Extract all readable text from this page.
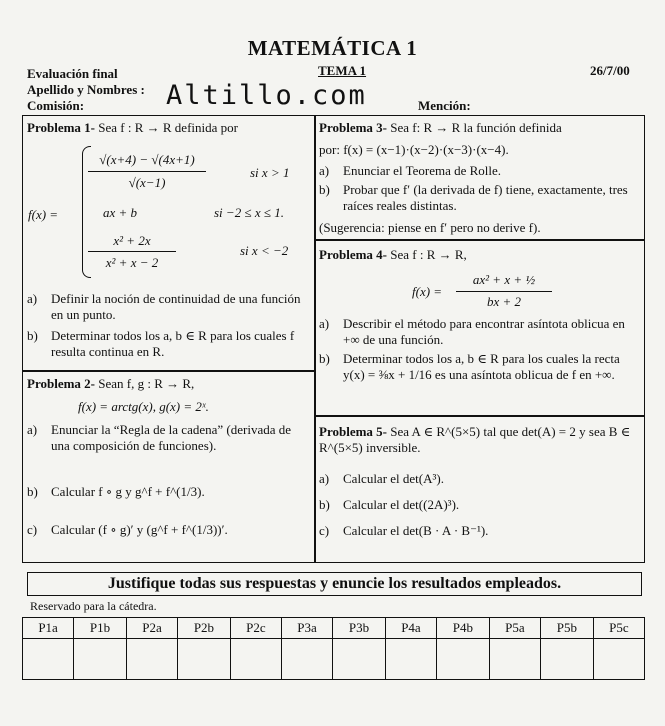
MATEMÁTICA 1
TEMA 1	26/7/00
Evaluación final
Apellido y Nombres :
Comisión:	Mención:
Altillo.com
Problema 1- Sea f : R → R definida por
f(x) =
√(x+4) − √(4x+1)
√(x−1)
si x > 1
ax + b	si −2 ≤ x ≤ 1.
x² + 2x
x² + x − 2
si x < −2
a)	Definir la noción de continuidad de una función en un punto.
b)	Determinar todos los a, b ∈ R para los cuales f resulta continua en R.
Problema 2- Sean f, g : R → R,
f(x) = arctg(x), g(x) = 2ˣ.
a)	Enunciar la “Regla de la cadena” (derivada de una composición de funciones).
b)	Calcular f ∘ g y g^f + f^(1/3).
c)	Calcular (f ∘ g)′ y (g^f + f^(1/3))′.
Problema 3- Sea f: R → R la función definida
por: f(x) = (x−1)·(x−2)·(x−3)·(x−4).
a)	Enunciar el Teorema de Rolle.
b)	Probar que f′ (la derivada de f) tiene, exactamente, tres raíces reales distintas.
(Sugerencia: piense en f′ pero no derive f).
Problema 4- Sea f : R → R,
f(x) =
ax² + x + ½
bx + 2
a)	Describir el método para encontrar asíntota oblicua en +∞ de una función.
b)	Determinar todos los a, b ∈ R para los cuales la recta y(x) = ⅜x + 1/16 es una asíntota oblicua de f en +∞.
Problema 5- Sea A ∈ R^(5×5) tal que det(A) = 2 y sea B ∈ R^(5×5) inversible.
a)	Calcular el det(A³).
b)	Calcular el det((2A)³).
c)	Calcular el det(B · A · B⁻¹).
Justifique todas sus respuestas y enuncie los resultados empleados.
Reservado para la cátedra.
P1a	P1b	P2a	P2b	P2c	P3a	P3b	P4a	P4b	P5a	P5b	P5c
